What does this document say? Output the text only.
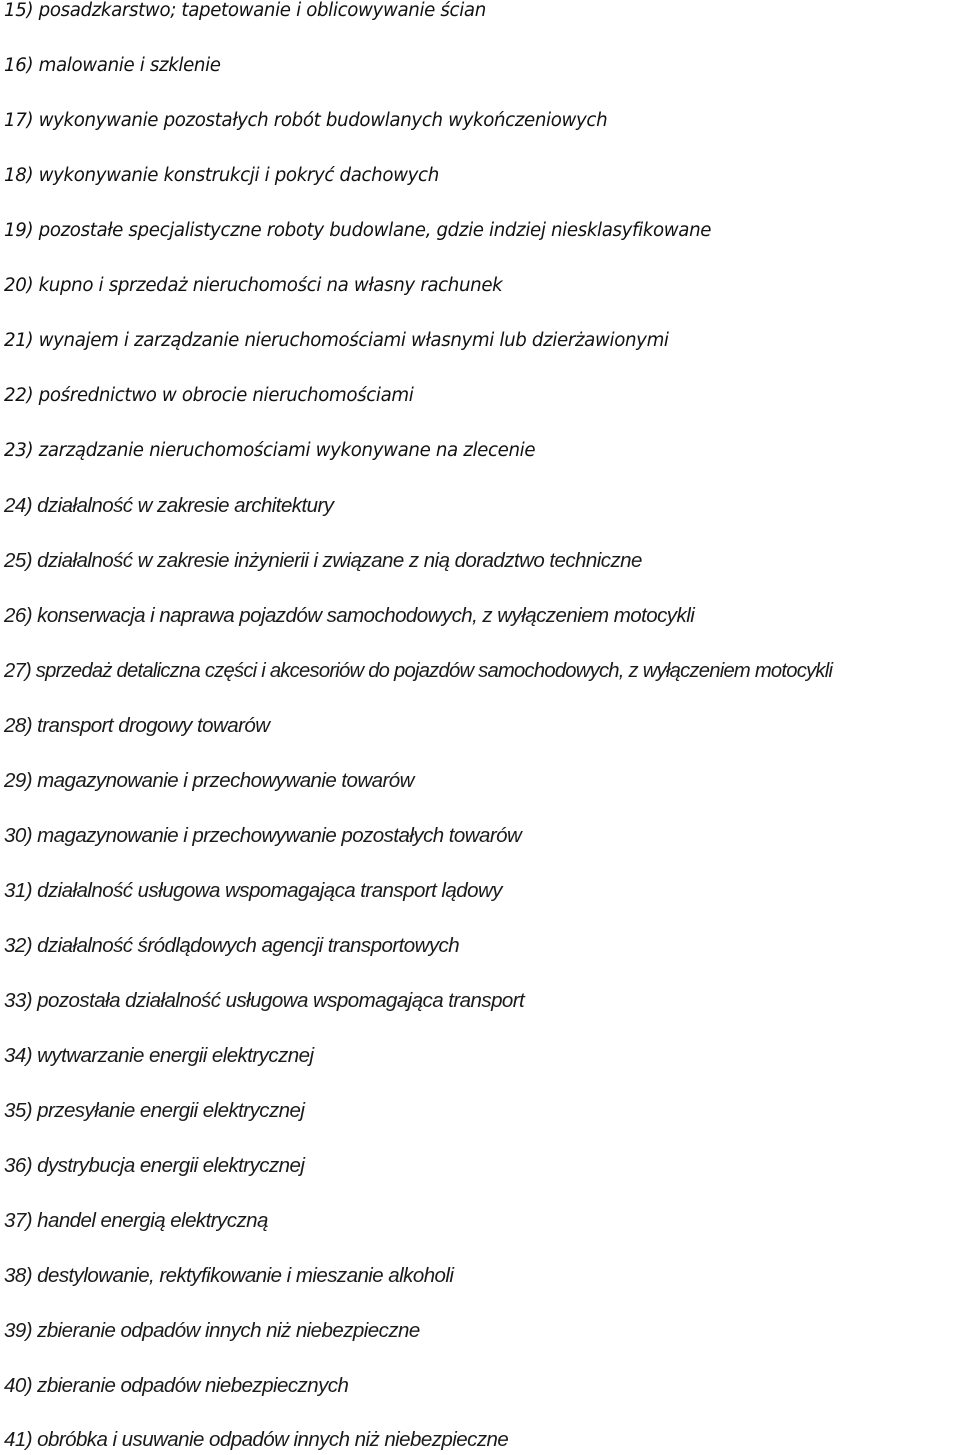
15) posadzkarstwo; tapetowanie i oblicowywanie ścian
16) malowanie i szklenie
17) wykonywanie pozostałych robót budowlanych wykończeniowych
18) wykonywanie konstrukcji i pokryć dachowych
19) pozostałe specjalistyczne roboty budowlane, gdzie indziej niesklasyfikowane
20) kupno i sprzedaż nieruchomości na własny rachunek
21) wynajem i zarządzanie nieruchomościami własnymi lub dzierżawionymi
22) pośrednictwo w obrocie nieruchomościami
23) zarządzanie nieruchomościami wykonywane na zlecenie
24) działalność w zakresie architektury
25) działalność w zakresie inżynierii i związane z nią doradztwo techniczne
26) konserwacja i naprawa pojazdów samochodowych, z wyłączeniem motocykli
27) sprzedaż detaliczna części i akcesoriów do pojazdów samochodowych, z wyłączeniem motocykli
28) transport drogowy towarów
29) magazynowanie i przechowywanie towarów
30) magazynowanie i przechowywanie pozostałych towarów
31) działalność usługowa wspomagająca transport lądowy
32) działalność śródlądowych agencji transportowych
33) pozostała działalność usługowa wspomagająca transport
34) wytwarzanie energii elektrycznej
35) przesyłanie energii elektrycznej
36) dystrybucja energii elektrycznej
37) handel energią elektryczną
38) destylowanie, rektyfikowanie i mieszanie alkoholi
39) zbieranie odpadów innych niż niebezpieczne
40) zbieranie odpadów niebezpiecznych
41) obróbka i usuwanie odpadów innych niż niebezpieczne
